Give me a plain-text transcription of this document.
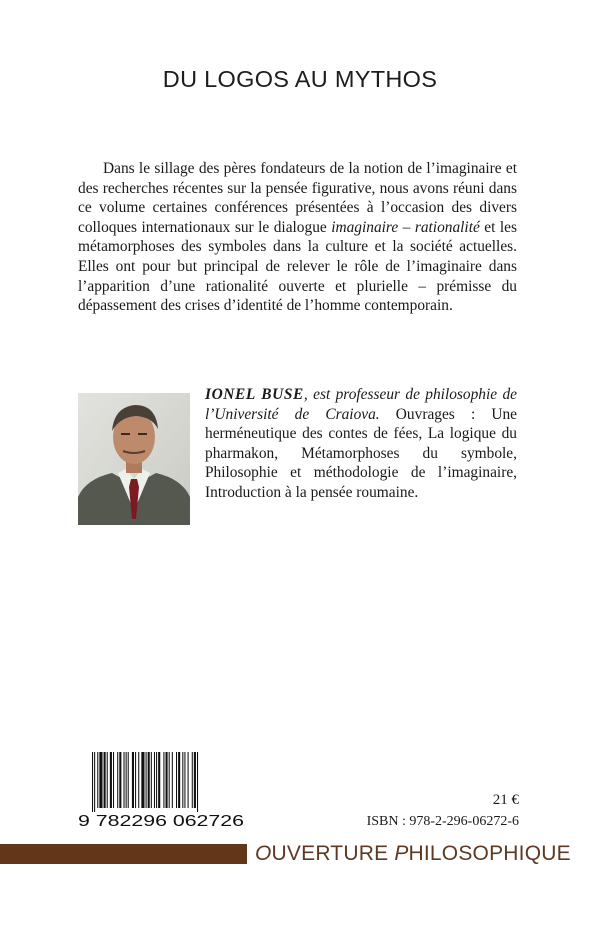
DU LOGOS AU MYTHOS

Dans le sillage des pères fondateurs de la notion de l’imaginaire et des recherches récentes sur la pensée figurative, nous avons réuni dans ce volume certaines conférences présentées à l’occasion des divers colloques internationaux sur le dialogue imaginaire – rationalité et les métamorphoses des symboles dans la culture et la société actuelles. Elles ont pour but principal de relever le rôle de l’imaginaire dans l’apparition d’une rationalité ouverte et plurielle – prémisse du dépassement des crises d’identité de l’homme contemporain.

IONEL BUSE, est professeur de philosophie de l’Université de Craiova. Ouvrages : Une herméneutique des contes de fées, La logique du pharmakon, Métamorphoses du symbole, Philosophie et méthodologie de l’imaginaire, Introduction à la pensée roumaine.

9 782296 062726
21 €
ISBN : 978-2-296-06272-6
OUVERTURE PHILOSOPHIQUE
